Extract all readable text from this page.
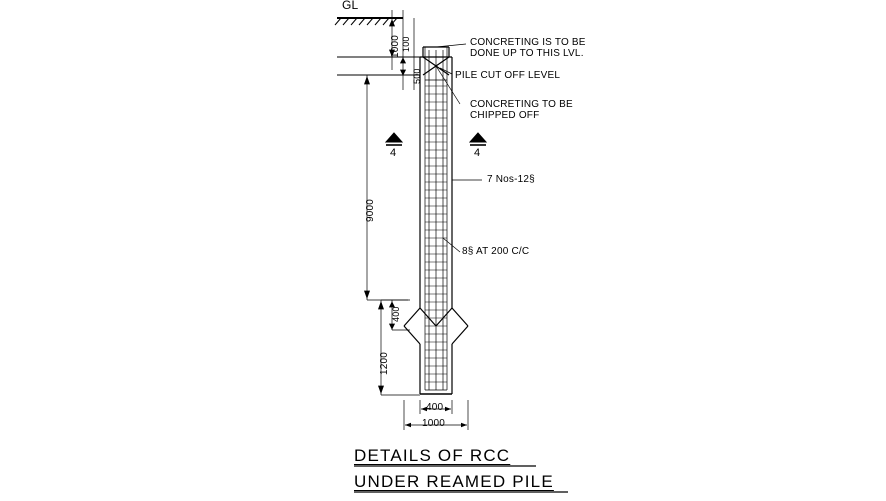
GL
1000 100
500
9000
1200
400
400
1000
CONCRETING IS TO BE
DONE UP TO THIS LVL.
PILE CUT OFF LEVEL
CONCRETING TO BE
CHIPPED OFF
7 Nos-12§
8§ AT 200 C/C
4	4
DETAILS OF RCC
UNDER REAMED PILE
